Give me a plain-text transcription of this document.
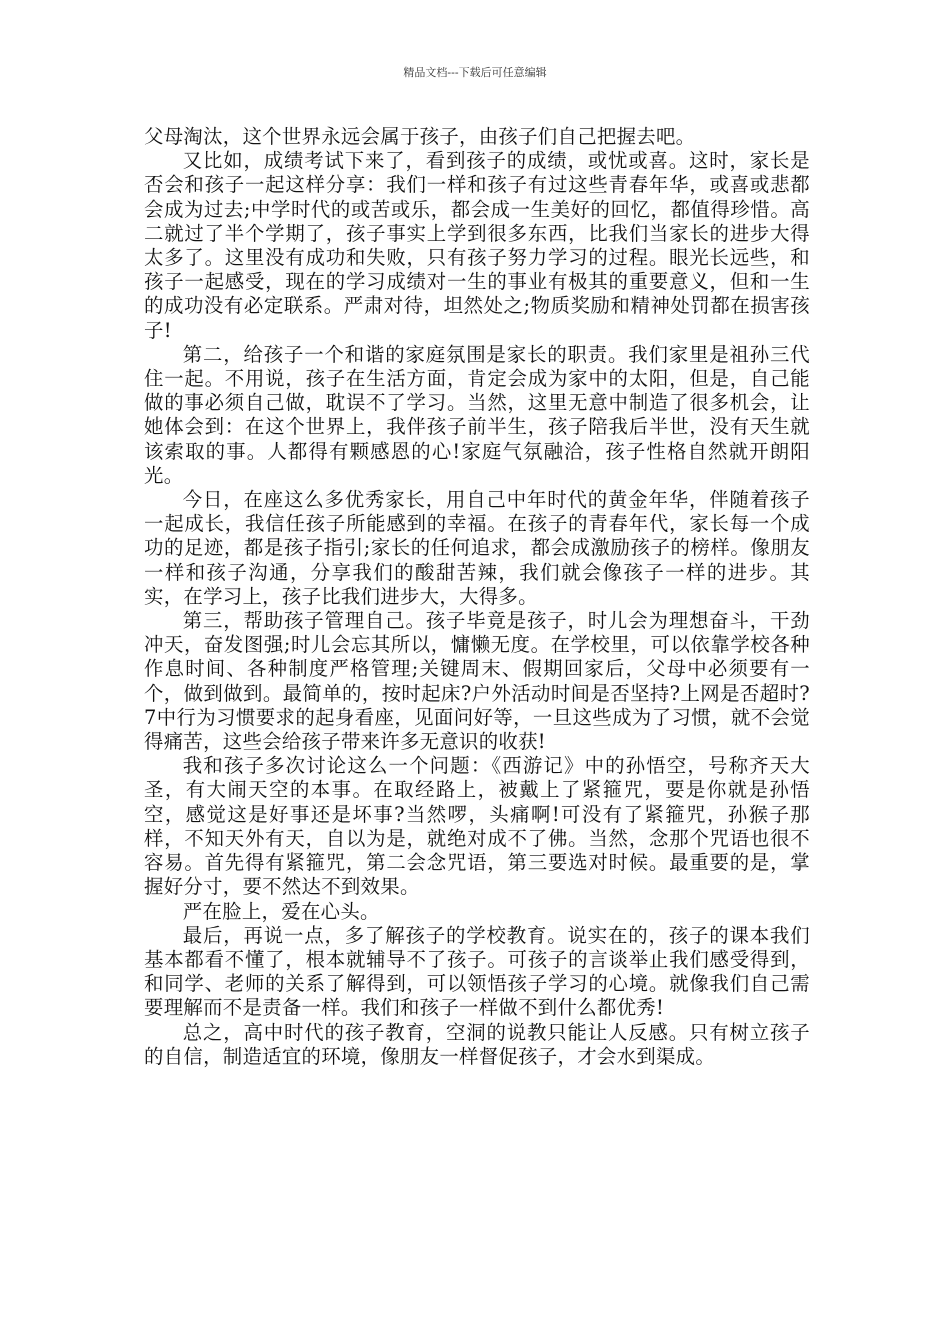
精品文档---下载后可任意编辑

父母淘汰，这个世界永远会属于孩子，由孩子们自己把握去吧。

又比如，成绩考试下来了，看到孩子的成绩，或忧或喜。这时，家长是否会和孩子一起这样分享：我们一样和孩子有过这些青春年华，或喜或悲都会成为过去;中学时代的或苦或乐，都会成一生美好的回忆，都值得珍惜。高二就过了半个学期了，孩子事实上学到很多东西，比我们当家长的进步大得太多了。这里没有成功和失败，只有孩子努力学习的过程。眼光长远些，和孩子一起感受，现在的学习成绩对一生的事业有极其的重要意义，但和一生的成功没有必定联系。严肃对待，坦然处之;物质奖励和精神处罚都在损害孩子!

第二，给孩子一个和谐的家庭氛围是家长的职责。我们家里是祖孙三代住一起。不用说，孩子在生活方面，肯定会成为家中的太阳，但是，自己能做的事必须自己做，耽误不了学习。当然，这里无意中制造了很多机会，让她体会到：在这个世界上，我伴孩子前半生，孩子陪我后半世，没有天生就该索取的事。人都得有颗感恩的心!家庭气氛融洽，孩子性格自然就开朗阳光。

今日，在座这么多优秀家长，用自己中年时代的黄金年华，伴随着孩子一起成长，我信任孩子所能感到的幸福。在孩子的青春年代，家长每一个成功的足迹，都是孩子指引;家长的任何追求，都会成激励孩子的榜样。像朋友一样和孩子沟通，分享我们的酸甜苦辣，我们就会像孩子一样的进步。其实，在学习上，孩子比我们进步大，大得多。

第三，帮助孩子管理自己。孩子毕竟是孩子，时儿会为理想奋斗，干劲冲天，奋发图强;时儿会忘其所以，慵懒无度。在学校里，可以依靠学校各种作息时间、各种制度严格管理;关键周末、假期回家后，父母中必须要有一个，做到做到。最简单的，按时起床?户外活动时间是否坚持?上网是否超时?7中行为习惯要求的起身看座，见面问好等，一旦这些成为了习惯，就不会觉得痛苦，这些会给孩子带来许多无意识的收获!

我和孩子多次讨论这么一个问题：《西游记》中的孙悟空，号称齐天大圣，有大闹天空的本事。在取经路上，被戴上了紧箍咒，要是你就是孙悟空，感觉这是好事还是坏事?当然啰，头痛啊!可没有了紧箍咒，孙猴子那样，不知天外有天，自以为是，就绝对成不了佛。当然，念那个咒语也很不容易。首先得有紧箍咒，第二会念咒语，第三要选对时候。最重要的是，掌握好分寸，要不然达不到效果。

严在脸上，爱在心头。

最后，再说一点，多了解孩子的学校教育。说实在的，孩子的课本我们基本都看不懂了，根本就辅导不了孩子。可孩子的言谈举止我们感受得到，和同学、老师的关系了解得到，可以领悟孩子学习的心境。就像我们自己需要理解而不是责备一样。我们和孩子一样做不到什么都优秀!

总之，高中时代的孩子教育，空洞的说教只能让人反感。只有树立孩子的自信，制造适宜的环境，像朋友一样督促孩子，才会水到渠成。
